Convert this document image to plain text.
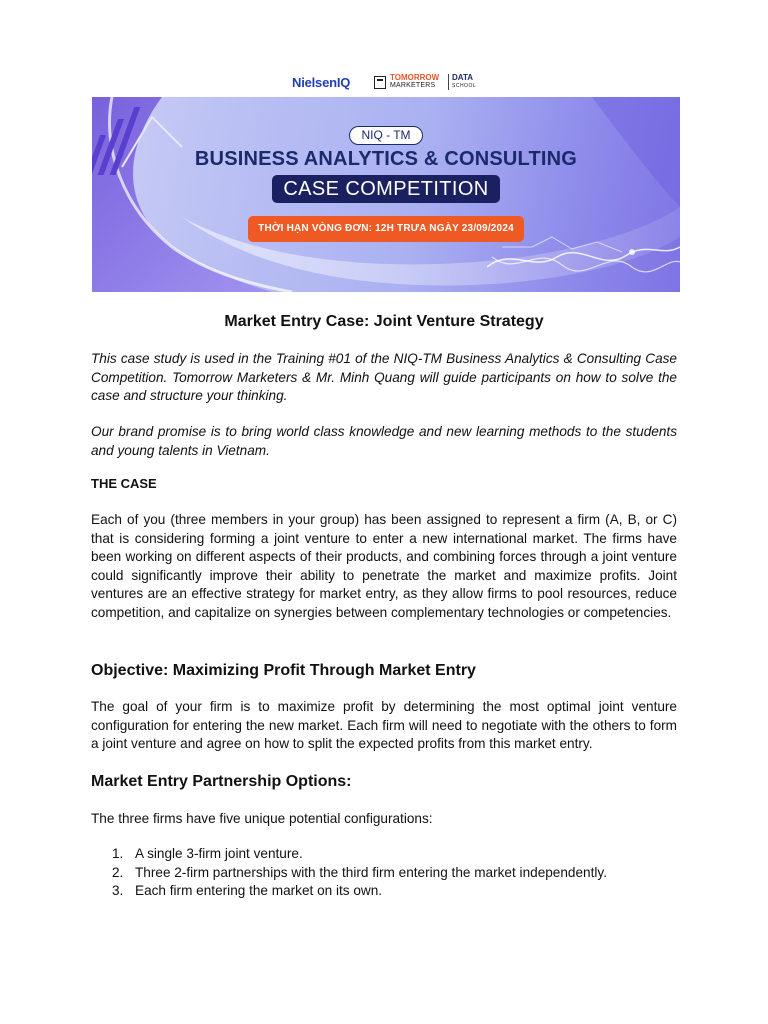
NielsenIQ	TOMORROW
MARKETERS
DATA
SCHOOL
NIQ - TM
BUSINESS ANALYTICS & CONSULTING
CASE COMPETITION
THỜI HẠN VÒNG ĐƠN: 12H TRƯA NGÀY 23/09/2024
Market Entry Case: Joint Venture Strategy

This case study is used in the Training #01 of the NIQ-TM Business Analytics & Consulting Case Competition. Tomorrow Marketers & Mr. Minh Quang will guide participants on how to solve the case and structure your thinking.

Our brand promise is to bring world class knowledge and new learning methods to the students and young talents in Vietnam.

THE CASE

Each of you (three members in your group) has been assigned to represent a firm (A, B, or C) that is considering forming a joint venture to enter a new international market. The firms have been working on different aspects of their products, and combining forces through a joint venture could significantly improve their ability to penetrate the market and maximize profits. Joint ventures are an effective strategy for market entry, as they allow firms to pool resources, reduce competition, and capitalize on synergies between complementary technologies or competencies.

Objective: Maximizing Profit Through Market Entry

The goal of your firm is to maximize profit by determining the most optimal joint venture configuration for entering the new market. Each firm will need to negotiate with the others to form a joint venture and agree on how to split the expected profits from this market entry.

Market Entry Partnership Options:

The three firms have five unique potential configurations:

1. A single 3-firm joint venture.
2. Three 2-firm partnerships with the third firm entering the market independently.
3. Each firm entering the market on its own.
